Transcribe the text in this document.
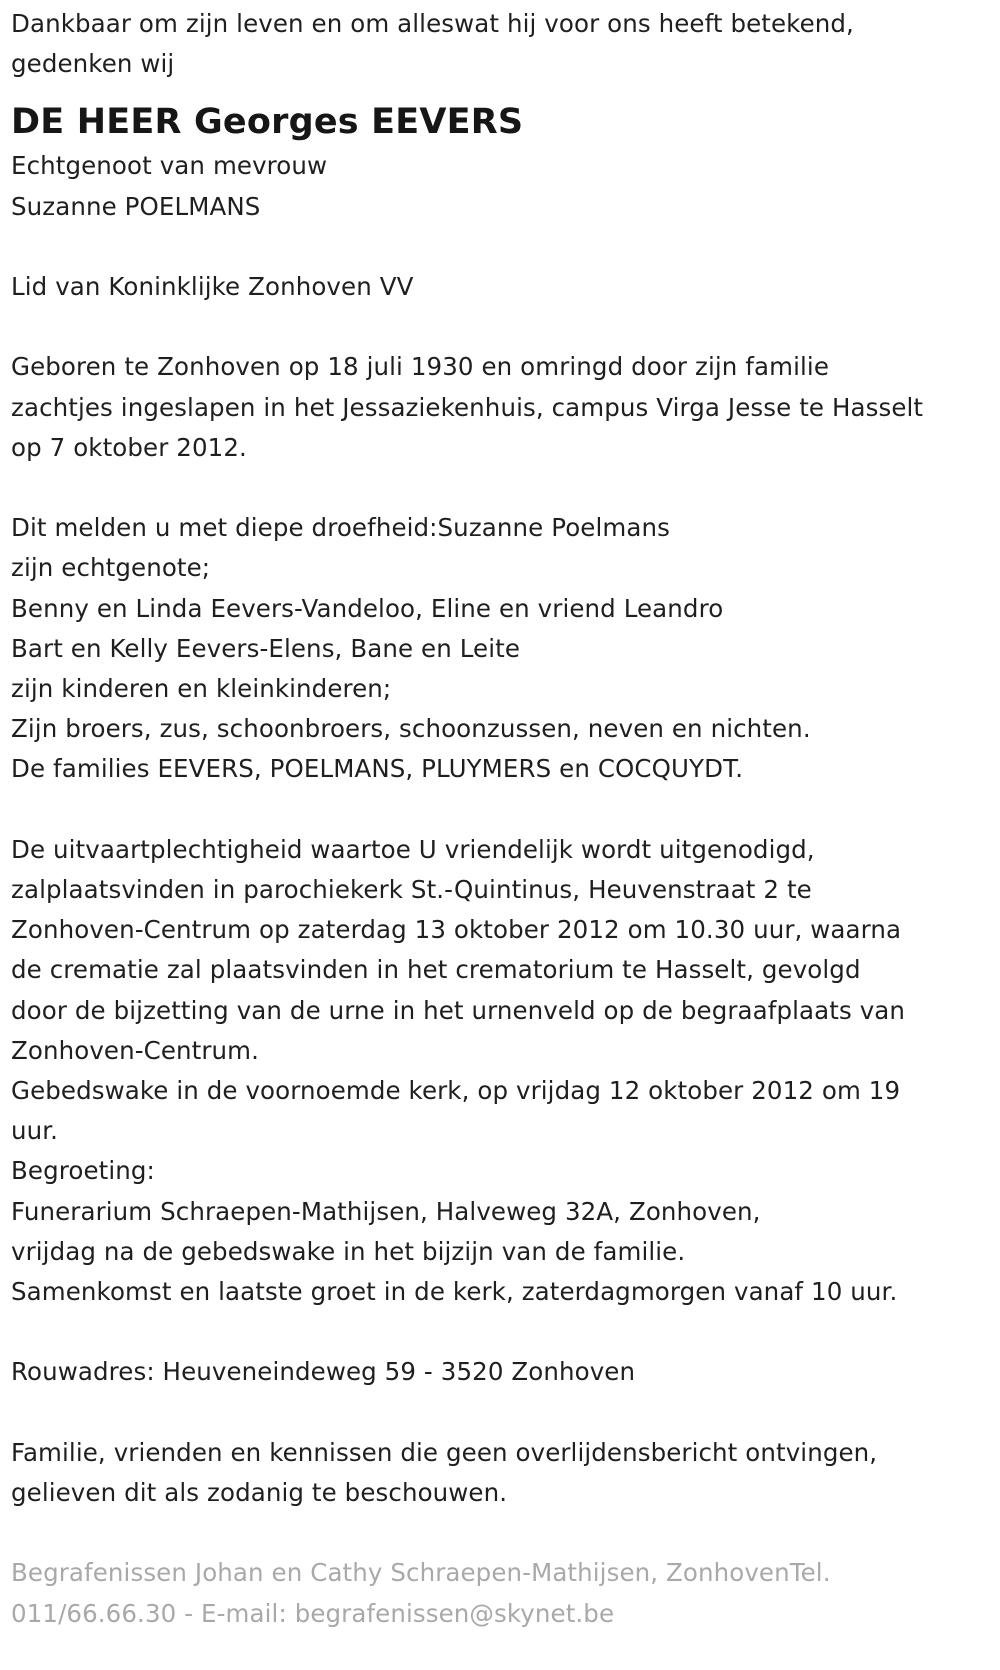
Dankbaar om zijn leven en om alleswat hij voor ons heeft betekend,
gedenken wij
DE HEER Georges EEVERS
Echtgenoot van mevrouw
Suzanne POELMANS
Lid van Koninklijke Zonhoven VV
Geboren te Zonhoven op 18 juli 1930 en omringd door zijn familie
zachtjes ingeslapen in het Jessaziekenhuis, campus Virga Jesse te Hasselt
op 7 oktober 2012.
Dit melden u met diepe droefheid:Suzanne Poelmans
zijn echtgenote;
Benny en Linda Eevers-Vandeloo, Eline en vriend Leandro
Bart en Kelly Eevers-Elens, Bane en Leite
zijn kinderen en kleinkinderen;
Zijn broers, zus, schoonbroers, schoonzussen, neven en nichten.
De families EEVERS, POELMANS, PLUYMERS en COCQUYDT.
De uitvaartplechtigheid waartoe U vriendelijk wordt uitgenodigd,
zalplaatsvinden in parochiekerk St.-Quintinus, Heuvenstraat 2 te
Zonhoven-Centrum op zaterdag 13 oktober 2012 om 10.30 uur, waarna
de crematie zal plaatsvinden in het crematorium te Hasselt, gevolgd
door de bijzetting van de urne in het urnenveld op de begraafplaats van
Zonhoven-Centrum.
Gebedswake in de voornoemde kerk, op vrijdag 12 oktober 2012 om 19
uur.
Begroeting:
Funerarium Schraepen-Mathijsen, Halveweg 32A, Zonhoven,
vrijdag na de gebedswake in het bijzijn van de familie.
Samenkomst en laatste groet in de kerk, zaterdagmorgen vanaf 10 uur.
Rouwadres: Heuveneindeweg 59 - 3520 Zonhoven
Familie, vrienden en kennissen die geen overlijdensbericht ontvingen,
gelieven dit als zodanig te beschouwen.
Begrafenissen Johan en Cathy Schraepen-Mathijsen, ZonhovenTel.
011/66.66.30 - E-mail: begrafenissen@skynet.be
